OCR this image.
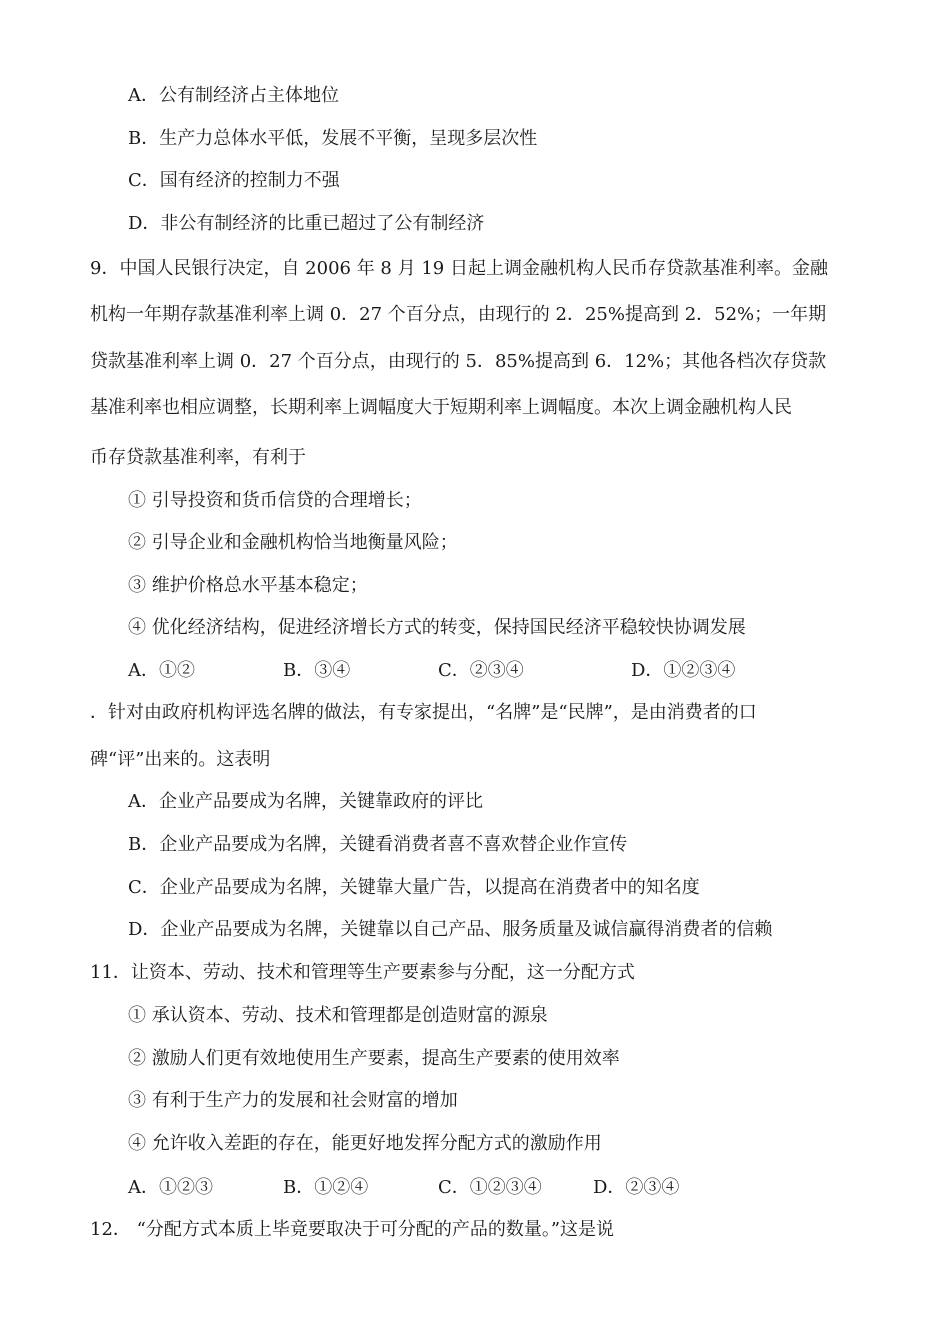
A．公有制经济占主体地位
B．生产力总体水平低，发展不平衡，呈现多层次性
C．国有经济的控制力不强
D．非公有制经济的比重已超过了公有制经济
9．中国人民银行决定，自 2006 年 8 月 19 日起上调金融机构人民币存贷款基准利率。金融
机构一年期存款基准利率上调 0．27 个百分点，由现行的 2．25%提高到 2．52%；一年期
贷款基准利率上调 0．27 个百分点，由现行的 5．85%提高到 6．12%；其他各档次存贷款
基准利率也相应调整，长期利率上调幅度大于短期利率上调幅度。本次上调金融机构人民
币存贷款基准利率，有利于
① 引导投资和货币信贷的合理增长；
② 引导企业和金融机构恰当地衡量风险；
③ 维护价格总水平基本稳定；
④ 优化经济结构，促进经济增长方式的转变，保持国民经济平稳较快协调发展
A．①②	B．③④	C．②③④	D．①②③④
．针对由政府机构评选名牌的做法，有专家提出，“名牌”是“民牌”，是由消费者的口
碑“评”出来的。这表明
A．企业产品要成为名牌，关键靠政府的评比
B．企业产品要成为名牌，关键看消费者喜不喜欢替企业作宣传
C．企业产品要成为名牌，关键靠大量广告，以提高在消费者中的知名度
D．企业产品要成为名牌，关键靠以自己产品、服务质量及诚信赢得消费者的信赖
11．让资本、劳动、技术和管理等生产要素参与分配，这一分配方式
① 承认资本、劳动、技术和管理都是创造财富的源泉
② 激励人们更有效地使用生产要素，提高生产要素的使用效率
③ 有利于生产力的发展和社会财富的增加
④ 允许收入差距的存在，能更好地发挥分配方式的激励作用
A．①②③	B．①②④	C．①②③④	D．②③④
12． “分配方式本质上毕竟要取决于可分配的产品的数量。”这是说
